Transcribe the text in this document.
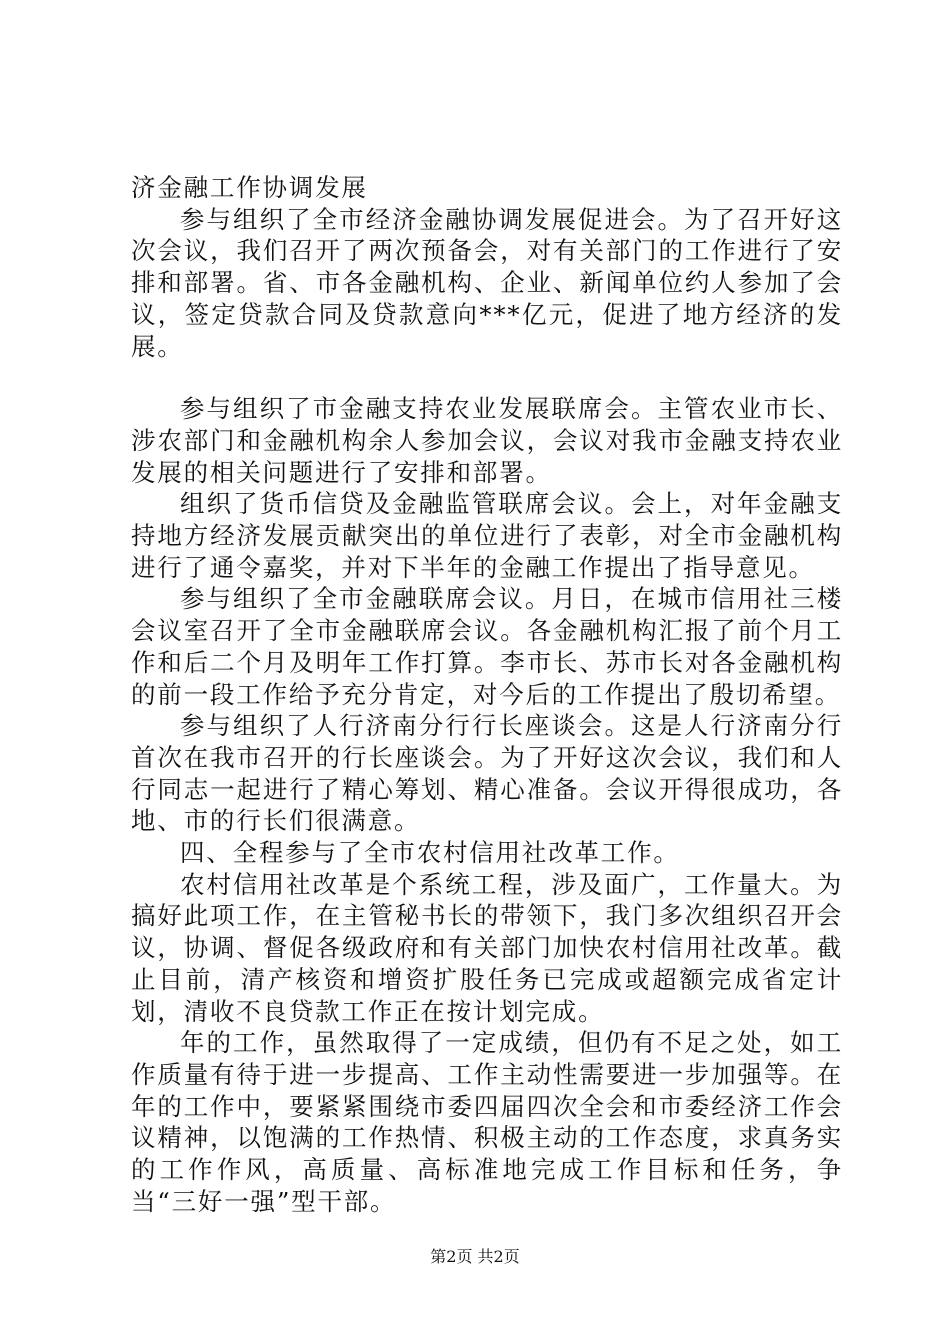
济金融工作协调发展

参与组织了全市经济金融协调发展促进会。为了召开好这次会议，我们召开了两次预备会，对有关部门的工作进行了安排和部署。省、市各金融机构、企业、新闻单位约人参加了会议，签定贷款合同及贷款意向***亿元，促进了地方经济的发展。

参与组织了市金融支持农业发展联席会。主管农业市长、涉农部门和金融机构余人参加会议，会议对我市金融支持农业发展的相关问题进行了安排和部署。

组织了货币信贷及金融监管联席会议。会上，对年金融支持地方经济发展贡献突出的单位进行了表彰，对全市金融机构进行了通令嘉奖，并对下半年的金融工作提出了指导意见。

参与组织了全市金融联席会议。月日，在城市信用社三楼会议室召开了全市金融联席会议。各金融机构汇报了前个月工作和后二个月及明年工作打算。李市长、苏市长对各金融机构的前一段工作给予充分肯定，对今后的工作提出了殷切希望。

参与组织了人行济南分行行长座谈会。这是人行济南分行首次在我市召开的行长座谈会。为了开好这次会议，我们和人行同志一起进行了精心筹划、精心准备。会议开得很成功，各地、市的行长们很满意。

四、全程参与了全市农村信用社改革工作。

农村信用社改革是个系统工程，涉及面广，工作量大。为搞好此项工作，在主管秘书长的带领下，我门多次组织召开会议，协调、督促各级政府和有关部门加快农村信用社改革。截止目前，清产核资和增资扩股任务已完成或超额完成省定计划，清收不良贷款工作正在按计划完成。

年的工作，虽然取得了一定成绩，但仍有不足之处，如工作质量有待于进一步提高、工作主动性需要进一步加强等。在年的工作中，要紧紧围绕市委四届四次全会和市委经济工作会议精神，以饱满的工作热情、积极主动的工作态度，求真务实的工作作风，高质量、高标准地完成工作目标和任务，争当“三好一强”型干部。

第2页 共2页
